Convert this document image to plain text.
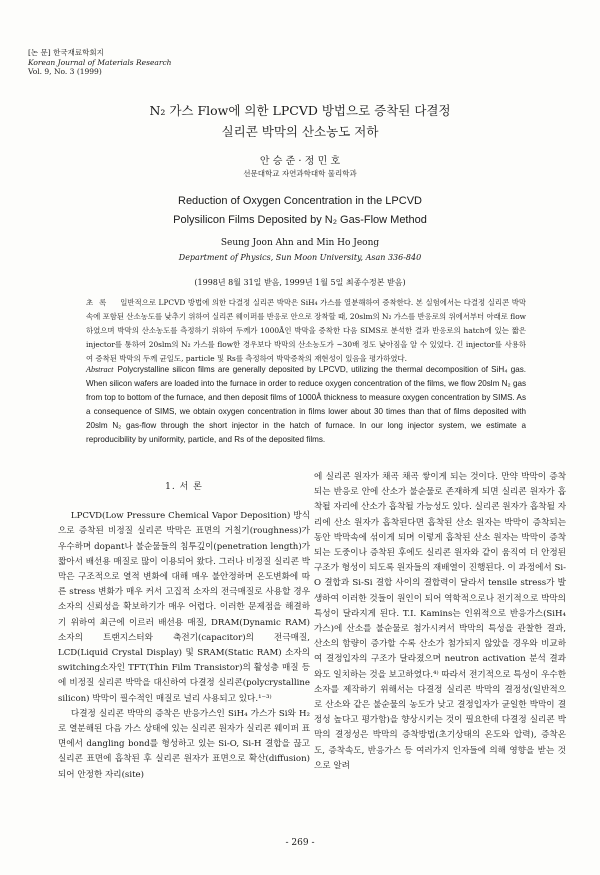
[논 문] 한국재료학회지
Korean Journal of Materials Research
Vol. 9, No. 3 (1999)
N₂ 가스 Flow에 의한 LPCVD 방법으로 증착된 다결정
실리콘 박막의 산소농도 저하
안 승 준 · 정 민 호
선문대학교 자연과학대학 물리학과
Reduction of Oxygen Concentration in the LPCVD
Polysilicon Films Deposited by N₂ Gas-Flow Method
Seung Joon Ahn and Min Ho Jeong
Department of Physics, Sun Moon University, Asan 336-840
(1998년 8월 31일 받음, 1999년 1월 5일 최종수정본 받음)
초록 일반적으로 LPCVD 방법에 의한 다결정 실리콘 박막은 SiH₄ 가스를 열분해하여 증착한다. 본 실험에서는 다결정 실리콘 박막속에 포함된 산소농도를 낮추기 위하여 실리콘 웨이퍼를 반응로 안으로 장착할 때, 20slm의 N₂ 가스를 반응로의 위에서부터 아래로 flow하였으며 박막의 산소농도를 측정하기 위하여 두께가 1000Å인 박막을 증착한 다음 SIMS로 분석한 결과 반응로의 hatch에 있는 짧은 injector를 통하여 20slm의 N₂ 가스를 flow한 경우보다 박막의 산소농도가 ~30배 정도 낮아짐을 알 수 있었다. 긴 injector를 사용하여 증착된 박막의 두께 균일도, particle 및 Rs를 측정하여 박막증착의 재현성이 있음을 평가하였다.
Abstract Polycrystalline silicon films are generally deposited by LPCVD, utilizing the thermal decomposition of SiH₄ gas. When silicon wafers are loaded into the furnace in order to reduce oxygen concentration of the films, we flow 20slm N₂ gas from top to bottom of the furnace, and then deposit films of 1000Å thickness to measure oxygen concentration by SIMS. As a consequence of SIMS, we obtain oxygen concentration in films lower about 30 times than that of films deposited with 20slm N₂ gas-flow through the short injector in the hatch of furnace. In our long injector system, we estimate a reproducibility by uniformity, particle, and Rs of the deposited films.
1. 서 론

LPCVD(Low Pressure Chemical Vapor Deposition) 방식으로 증착된 비정질 실리콘 박막은 표면의 거칠기(roughness)가 우수하며 dopant나 불순물들의 침투깊이(penetration length)가 짧아서 배선용 매질로 많이 이용되어 왔다. 그러나 비정질 실리콘 박막은 구조적으로 열적 변화에 대해 매우 불안정하며 온도변화에 따른 stress 변화가 매우 커서 고집적 소자의 전극매질로 사용할 경우 소자의 신뢰성을 확보하기가 매우 어렵다. 이러한 문제점을 해결하기 위하여 최근에 이르러 배선용 매질, DRAM(Dynamic RAM) 소자의 트랜지스터와 축전기(capacitor)의 전극매질, LCD(Liquid Crystal Display) 및 SRAM(Static RAM) 소자의 switching소자인 TFT(Thin Film Transistor)의 활성층 매질 등에 비정질 실리콘 박막을 대신하여 다결정 실리콘(polycrystalline silicon) 박막이 필수적인 매질로 널리 사용되고 있다.¹⁻³⁾

다결정 실리콘 박막의 증착은 반응가스인 SiH₄ 가스가 Si와 H₂로 열분해된 다음 가스 상태에 있는 실리콘 원자가 실리콘 웨이퍼 표면에서 dangling bond를 형성하고 있는 Si-O, Si-H 결합을 끊고 실리콘 표면에 흡착된 후 실리콘 원자가 표면으로 확산(diffusion)되어 안정한 자리(site)

에 실리콘 원자가 채곡 채곡 쌓이게 되는 것이다. 만약 박막이 증착되는 반응로 안에 산소가 불순물로 존재하게 되면 실리콘 원자가 흡착될 자리에 산소가 흡착될 가능성도 있다. 실리콘 원자가 흡착될 자리에 산소 원자가 흡착된다면 흡착된 산소 원자는 박막이 증착되는 동안 박막속에 섞이게 되며 이렇게 흡착된 산소 원자는 박막이 증착되는 도중이나 증착된 후에도 실리콘 원자와 같이 움직여 더 안정된 구조가 형성이 되도록 원자들의 재배열이 진행된다. 이 과정에서 Si-O 결합과 Si-Si 결합 사이의 결합력이 달라서 tensile stress가 발생하여 이러한 것들이 원인이 되어 역학적으로나 전기적으로 박막의 특성이 달라지게 된다. T.I. Kamins는 인위적으로 반응가스(SiH₄ 가스)에 산소를 불순물로 첨가시켜서 박막의 특성을 관찰한 결과, 산소의 함량이 증가할 수록 산소가 첨가되지 않았을 경우와 비교하여 결정입자의 구조가 달라졌으며 neutron activation 분석 결과와도 일치하는 것을 보고하였다.⁴⁾ 따라서 전기적으로 특성이 우수한 소자를 제작하기 위해서는 다결정 실리콘 박막의 결정성(일반적으로 산소와 같은 불순물의 농도가 낮고 결정입자가 균일한 박막이 결정성 높다고 평가함)을 향상시키는 것이 필요한데 다결정 실리콘 박막의 결정성은 박막의 증착방법(초기상태의 온도와 압력), 증착온도, 증착속도, 반응가스 등 여러가지 인자들에 의해 영향을 받는 것으로 알려

- 269 -
